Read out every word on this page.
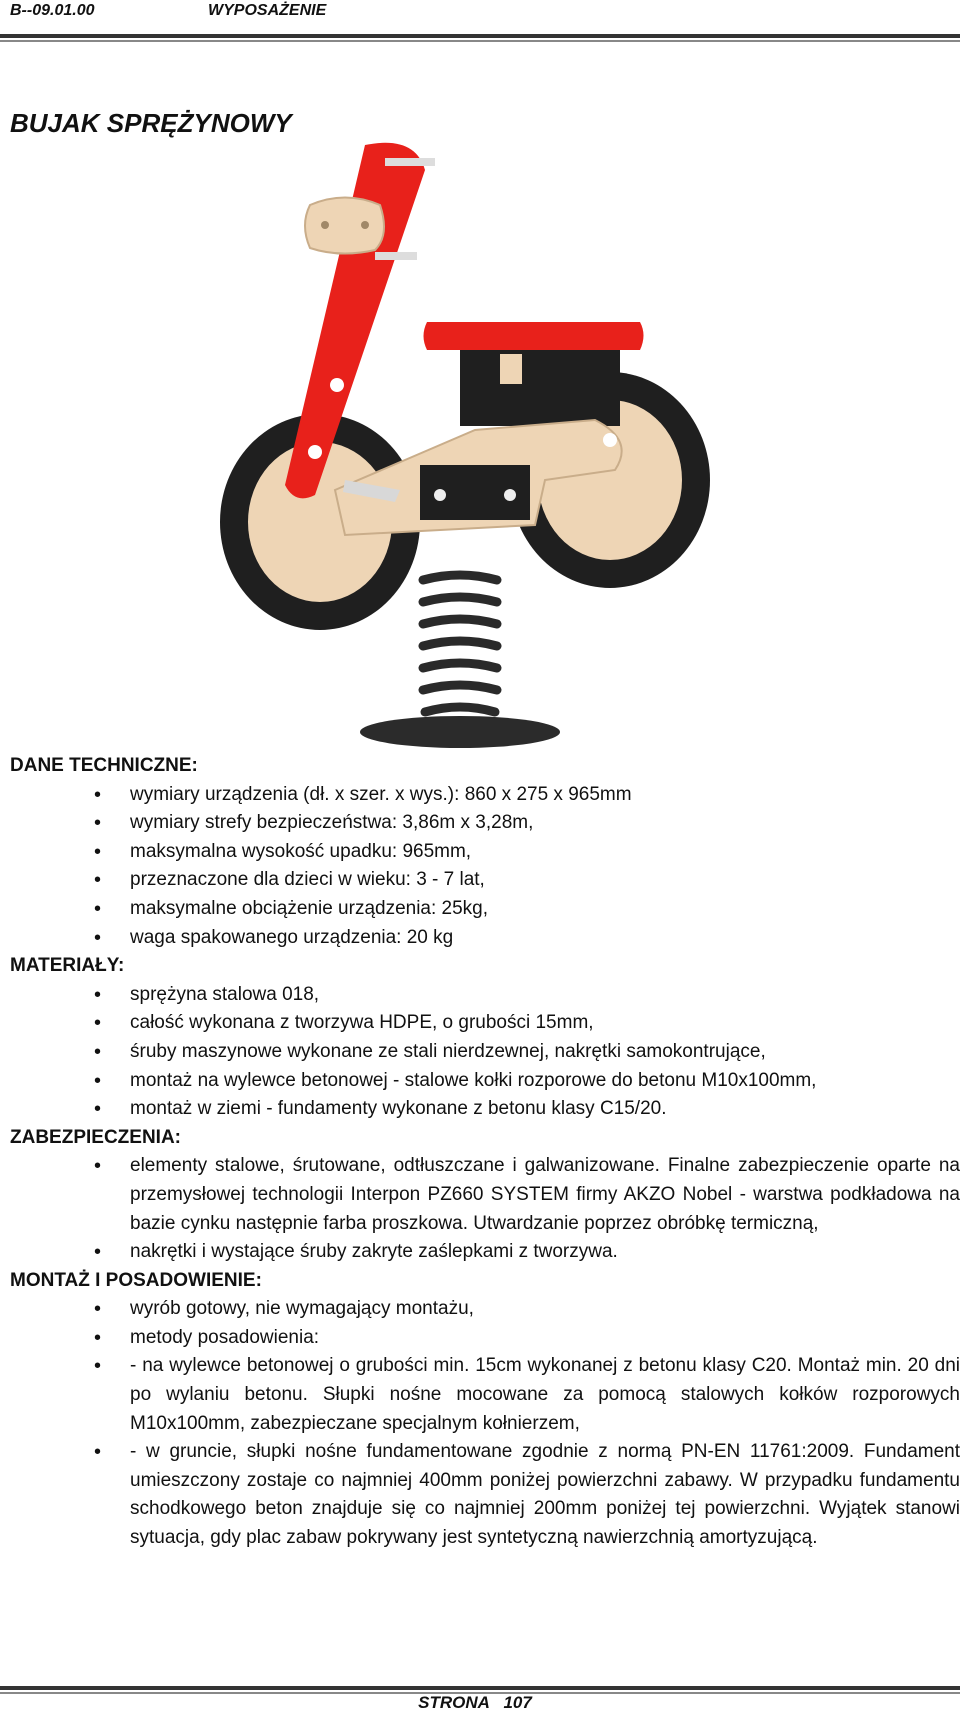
B--09.01.00	WYPOSAŻENIE
BUJAK SPRĘŻYNOWY

DANE TECHNICZNE:

• wymiary urządzenia (dł. x szer. x wys.): 860 x 275 x 965mm
• wymiary strefy bezpieczeństwa: 3,86m x 3,28m,
• maksymalna wysokość upadku: 965mm,
• przeznaczone dla dzieci w wieku: 3 - 7 lat,
• maksymalne obciążenie urządzenia: 25kg,
• waga spakowanego urządzenia: 20 kg

MATERIAŁY:

• sprężyna stalowa 018,
• całość wykonana z tworzywa HDPE, o grubości 15mm,
• śruby maszynowe wykonane ze stali nierdzewnej, nakrętki samokontrujące,
• montaż na wylewce betonowej - stalowe kołki rozporowe do betonu M10x100mm,
• montaż w ziemi - fundamenty wykonane z betonu klasy C15/20.

ZABEZPIECZENIA:

• elementy stalowe, śrutowane, odtłuszczane i galwanizowane. Finalne zabezpieczenie oparte na przemysłowej technologii Interpon PZ660 SYSTEM firmy AKZO Nobel - warstwa podkładowa na bazie cynku następnie farba proszkowa. Utwardzanie poprzez obróbkę termiczną,
• nakrętki i wystające śruby zakryte zaślepkami z tworzywa.

MONTAŻ I POSADOWIENIE:

• wyrób gotowy, nie wymagający montażu,
• metody posadowienia:
• - na wylewce betonowej o grubości min. 15cm wykonanej z betonu klasy C20. Montaż min. 20 dni po wylaniu betonu. Słupki nośne mocowane za pomocą stalowych kołków rozporowych M10x100mm, zabezpieczane specjalnym kołnierzem,
• - w gruncie, słupki nośne fundamentowane zgodnie z normą PN-EN 11761:2009. Fundament umieszczony zostaje co najmniej 400mm poniżej powierzchni zabawy. W przypadku fundamentu schodkowego beton znajduje się co najmniej 200mm poniżej tej powierzchni. Wyjątek stanowi sytuacja, gdy plac zabaw pokrywany jest syntetyczną nawierzchnią amortyzującą.
STRONA   107
